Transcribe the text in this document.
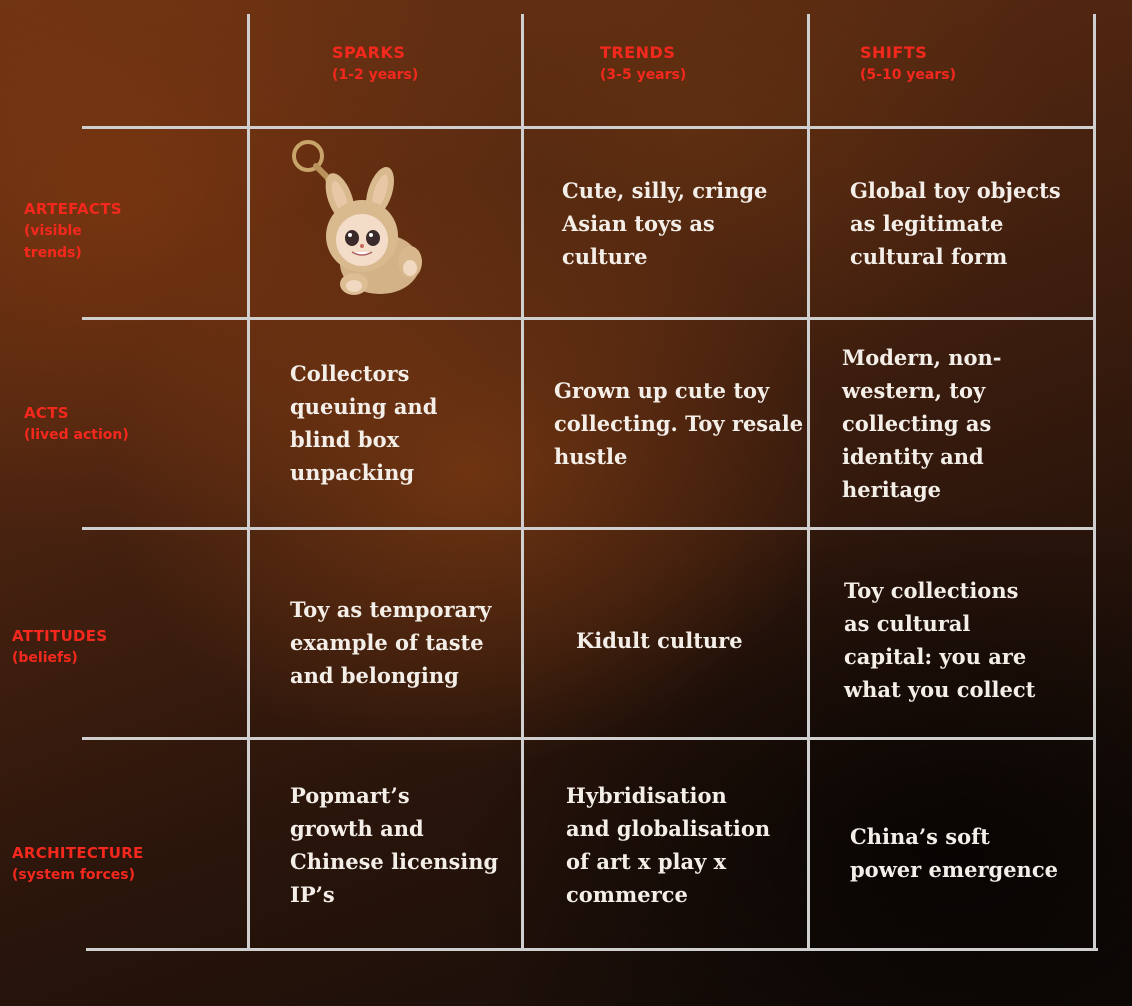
SPARKS
(1-2 years)
TRENDS
(3-5 years)
SHIFTS
(5-10 years)
ARTEFACTS
(visible
trends)
ACTS
(lived action)
ATTITUDES
(beliefs)
ARCHITECTURE
(system forces)
Cute, silly, cringe
Asian toys as
culture
Global toy objects
as legitimate
cultural form
Collectors
queuing and
blind box
unpacking
Grown up cute toy
collecting. Toy resale
hustle
Modern, non-
western, toy
collecting as
identity and
heritage
Toy as temporary
example of taste
and belonging
Kidult culture
Toy collections
as cultural
capital: you are
what you collect
Popmart’s
growth and
Chinese licensing
IP’s
Hybridisation
and globalisation
of art x play x
commerce
China’s soft
power emergence
